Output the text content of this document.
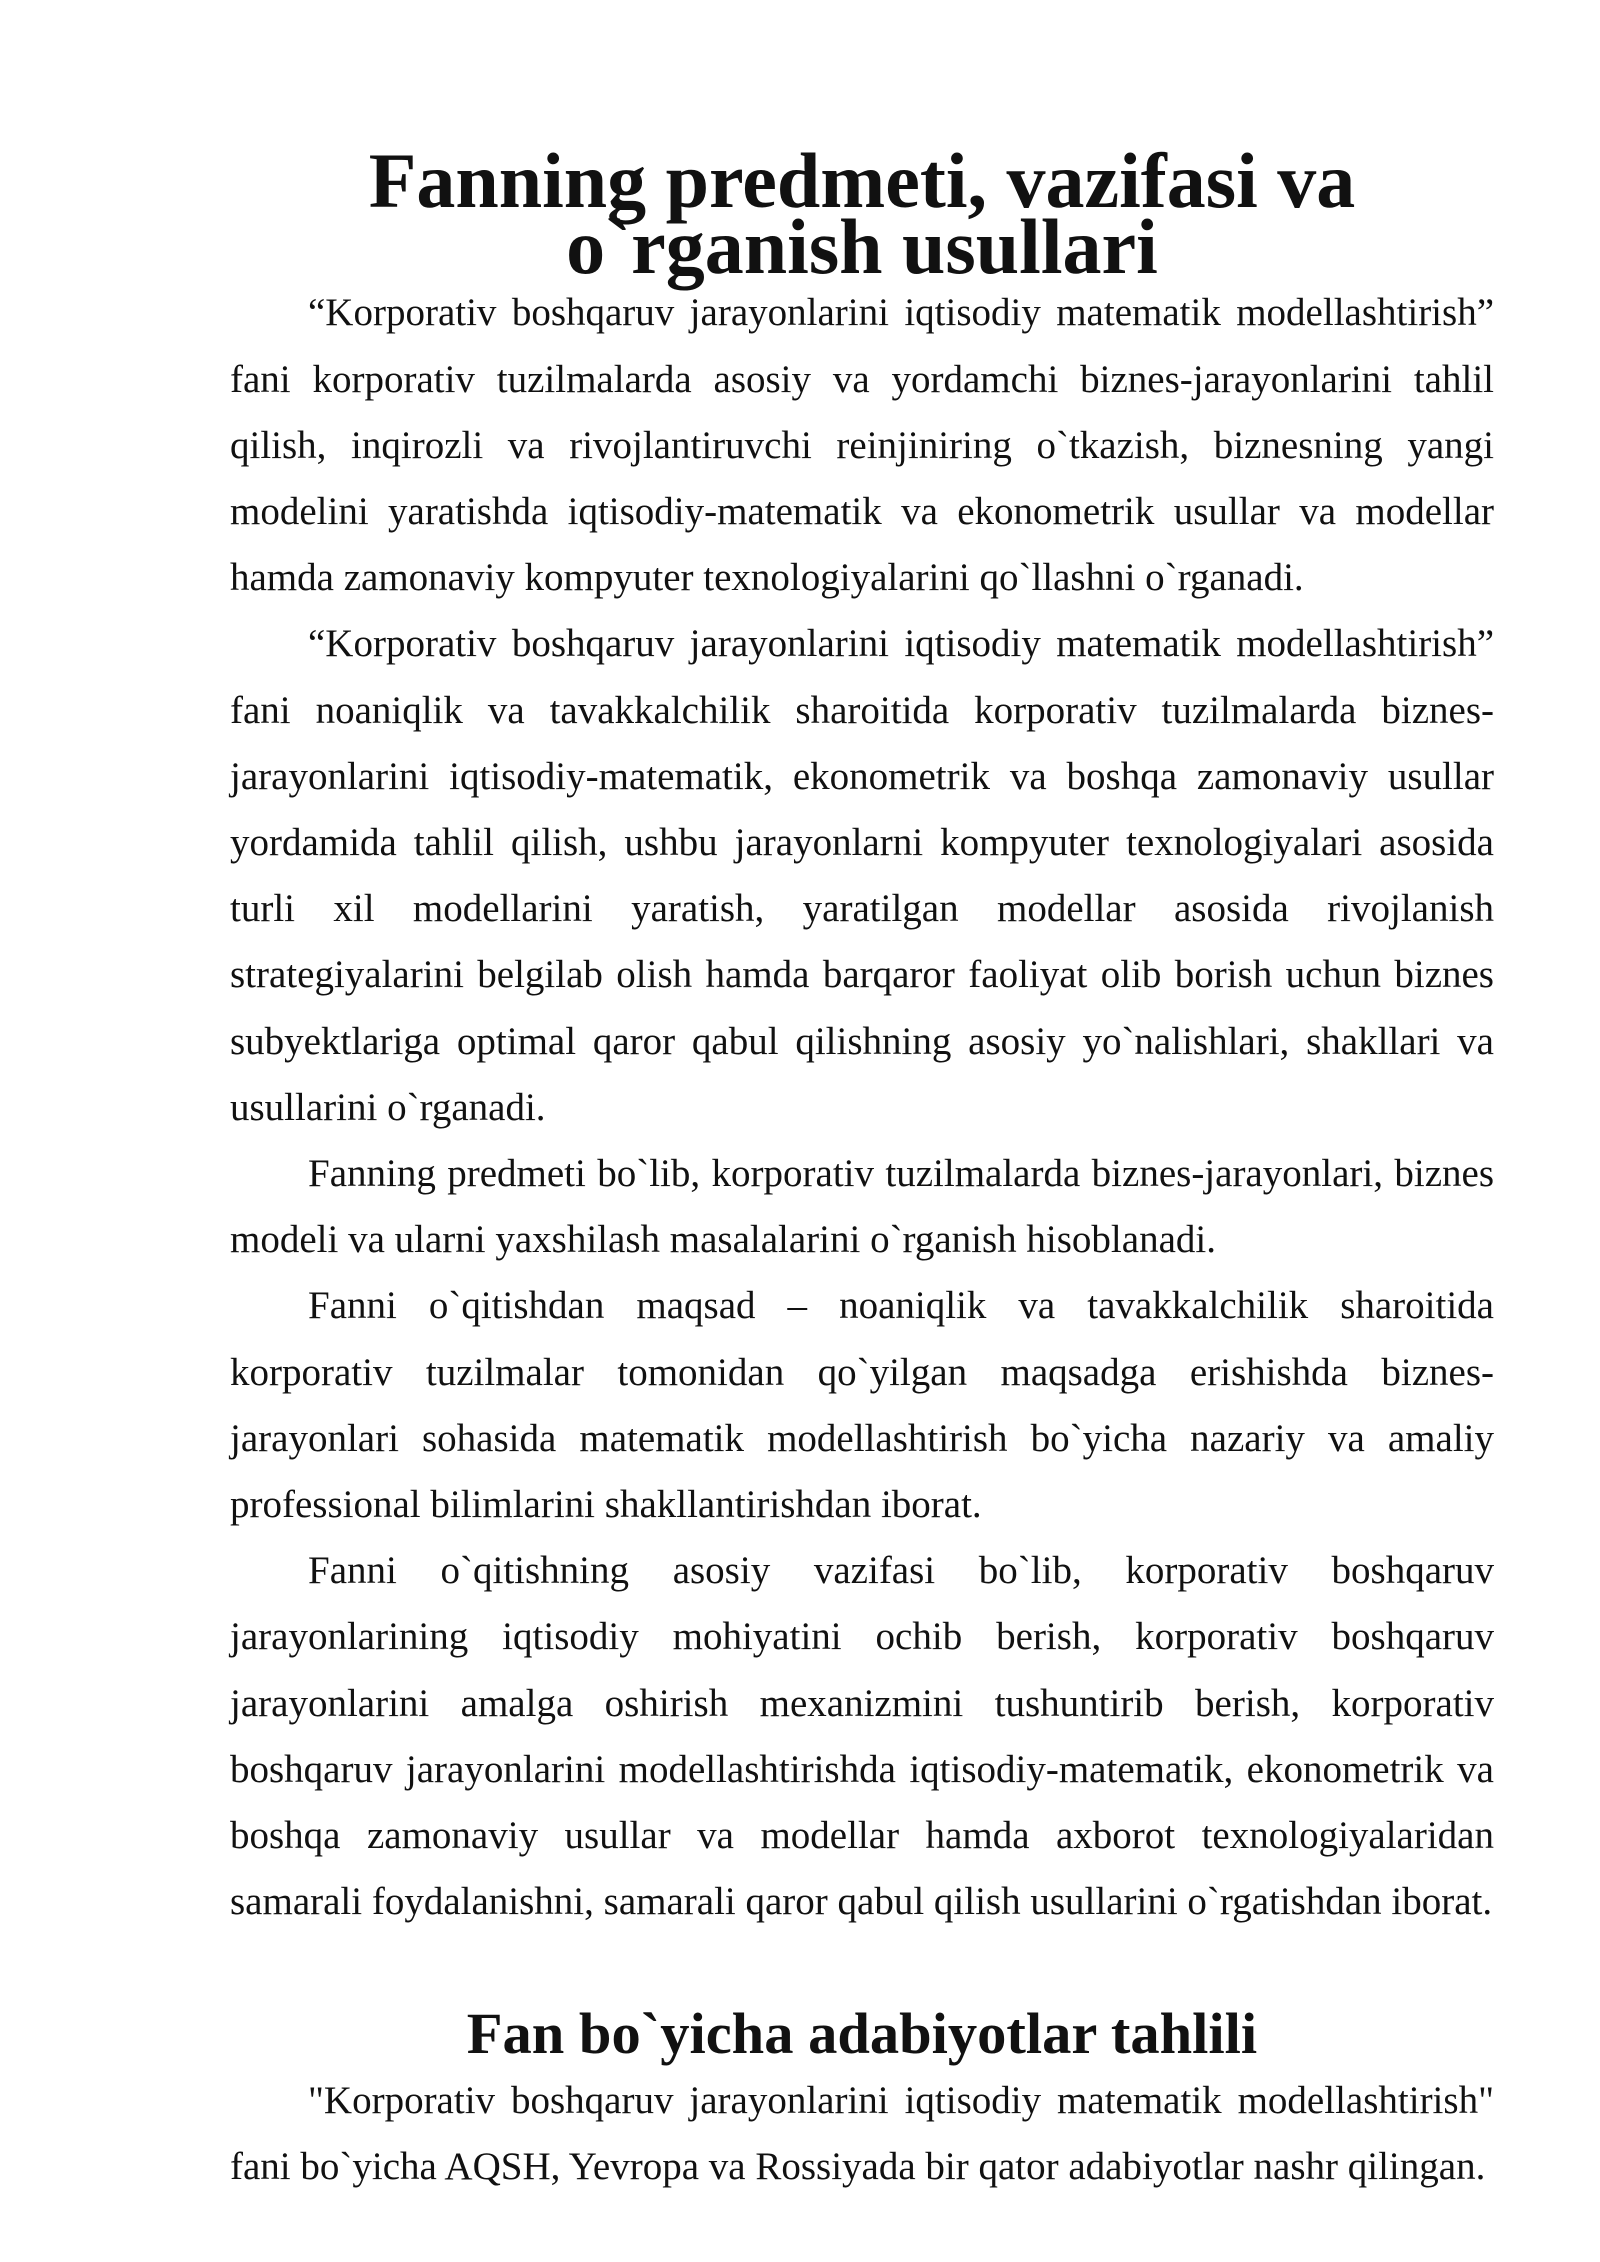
Fanning predmeti, vazifasi va o`rganish usullari

“Korporativ boshqaruv jarayonlarini iqtisodiy matematik modellashtirish” fani korporativ tuzilmalarda asosiy va yordamchi biznes-jarayonlarini tahlil qilish, inqirozli va rivojlantiruvchi reinjiniring o`tkazish, biznesning yangi modelini yaratishda iqtisodiy-matematik va ekonometrik usullar va modellar hamda zamonaviy kompyuter texnologiyalarini qo`llashni o`rganadi.

“Korporativ boshqaruv jarayonlarini iqtisodiy matematik modellashtirish” fani noaniqlik va tavakkalchilik sharoitida korporativ tuzilmalarda biznes-jarayonlarini iqtisodiy-matematik, ekonometrik va boshqa zamonaviy usullar yordamida tahlil qilish, ushbu jarayonlarni kompyuter texnologiyalari asosida turli xil modellarini yaratish, yaratilgan modellar asosida rivojlanish strategiyalarini belgilab olish hamda barqaror faoliyat olib borish uchun biznes subyektlariga optimal qaror qabul qilishning asosiy yo`nalishlari, shakllari va usullarini o`rganadi.

Fanning predmeti bo`lib, korporativ tuzilmalarda biznes-jarayonlari, biznes modeli va ularni yaxshilash masalalarini o`rganish hisoblanadi.

Fanni o`qitishdan maqsad – noaniqlik va tavakkalchilik sharoitida korporativ tuzilmalar tomonidan qo`yilgan maqsadga erishishda biznes-jarayonlari sohasida matematik modellashtirish bo`yicha nazariy va amaliy professional bilimlarini shakllantirishdan iborat.

Fanni o`qitishning asosiy vazifasi bo`lib, korporativ boshqaruv jarayonlarining iqtisodiy mohiyatini ochib berish, korporativ boshqaruv jarayonlarini amalga oshirish mexanizmini tushuntirib berish, korporativ boshqaruv jarayonlarini modellashtirishda iqtisodiy-matematik, ekonometrik va boshqa zamonaviy usullar va modellar hamda axborot texnologiyalaridan samarali foydalanishni, samarali qaror qabul qilish usullarini o`rgatishdan iborat.

Fan bo`yicha adabiyotlar tahlili

"Korporativ boshqaruv jarayonlarini iqtisodiy matematik modellashtirish" fani bo`yicha AQSH, Yevropa va Rossiyada bir qator adabiyotlar nashr qilingan.
